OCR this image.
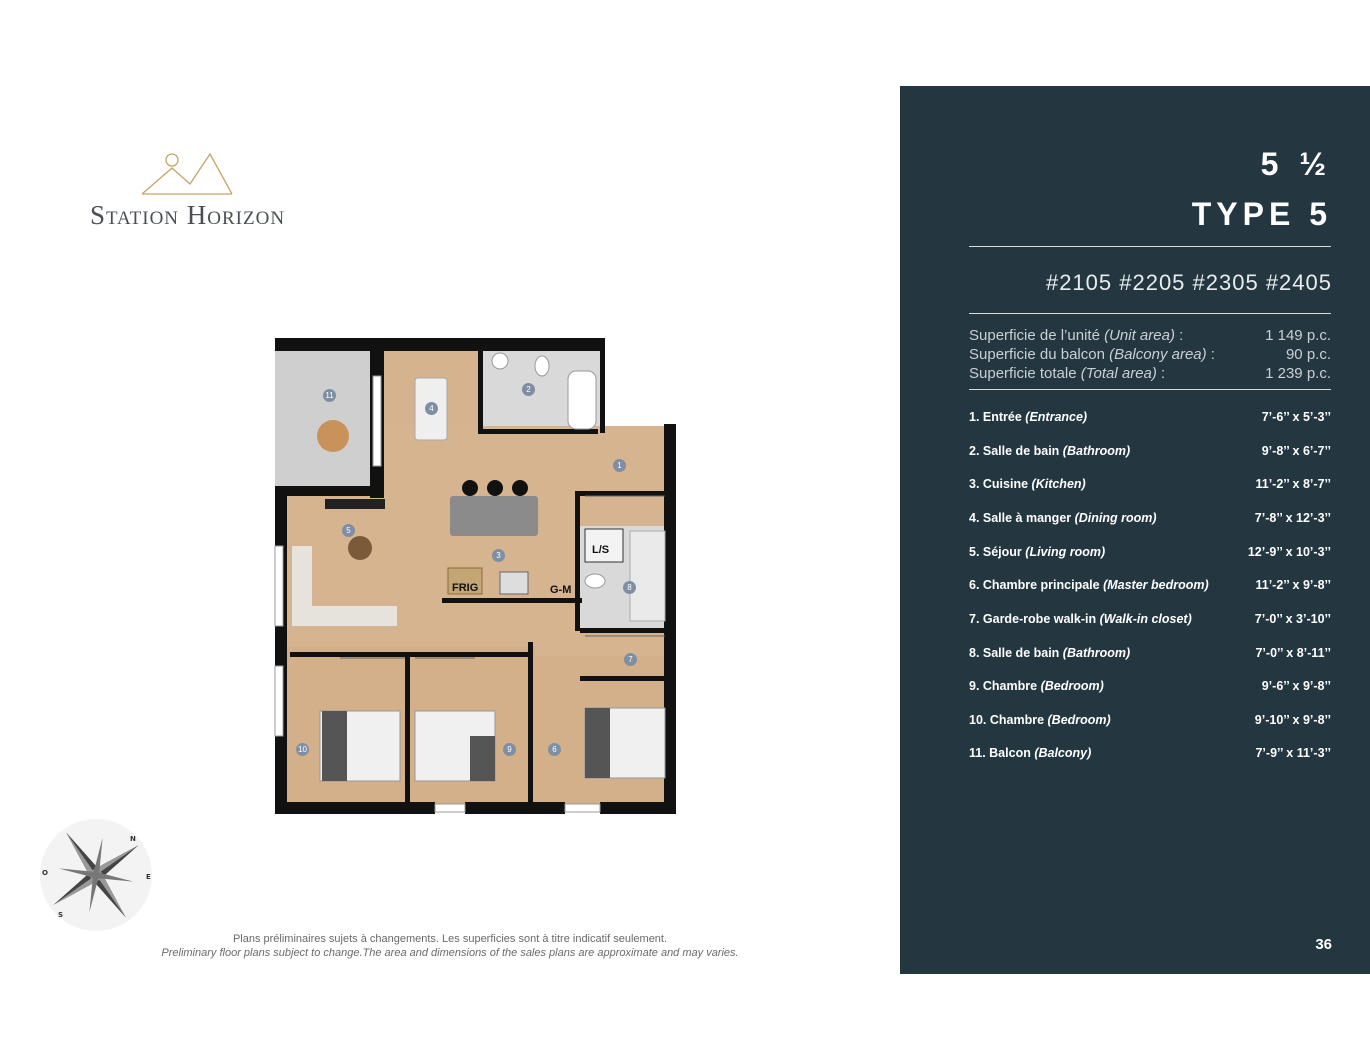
Station Horizon
FRIG	G-M
L/S
1
2
3
4
5
6
7
8
9
10
11
N
E
S
O
Plans préliminaires sujets à changements. Les superficies sont à titre indicatif seulement.
Preliminary floor plans subject to change.The area and dimensions of the sales plans are approximate and may varies.
5 ½
TYPE 5
#2105 #2205 #2305 #2405
Superficie de l’unité (Unit area) :	1 149 p.c.
Superficie du balcon (Balcony area) :	90 p.c.
Superficie totale (Total area) :	1 239 p.c.
1. Entrée (Entrance)	7’-6’’ x 5’-3’’
2. Salle de bain (Bathroom)	9’-8’’ x 6’-7’’
3. Cuisine (Kitchen)	11’-2’’ x 8’-7’’
4. Salle à manger (Dining room)	7’-8’’ x 12’-3’’
5. Séjour (Living room)	12’-9’’ x 10’-3’’
6. Chambre principale (Master bedroom)	11’-2’’ x 9’-8’’
7. Garde-robe walk-in (Walk-in closet)	7’-0’’ x 3’-10’’
8. Salle de bain (Bathroom)	7’-0’’ x 8’-11’’
9. Chambre (Bedroom)	9’-6’’ x 9’-8’’
10. Chambre (Bedroom)	9’-10’’ x 9’-8’’
11. Balcon (Balcony)	7’-9’’ x 11’-3’’
36
